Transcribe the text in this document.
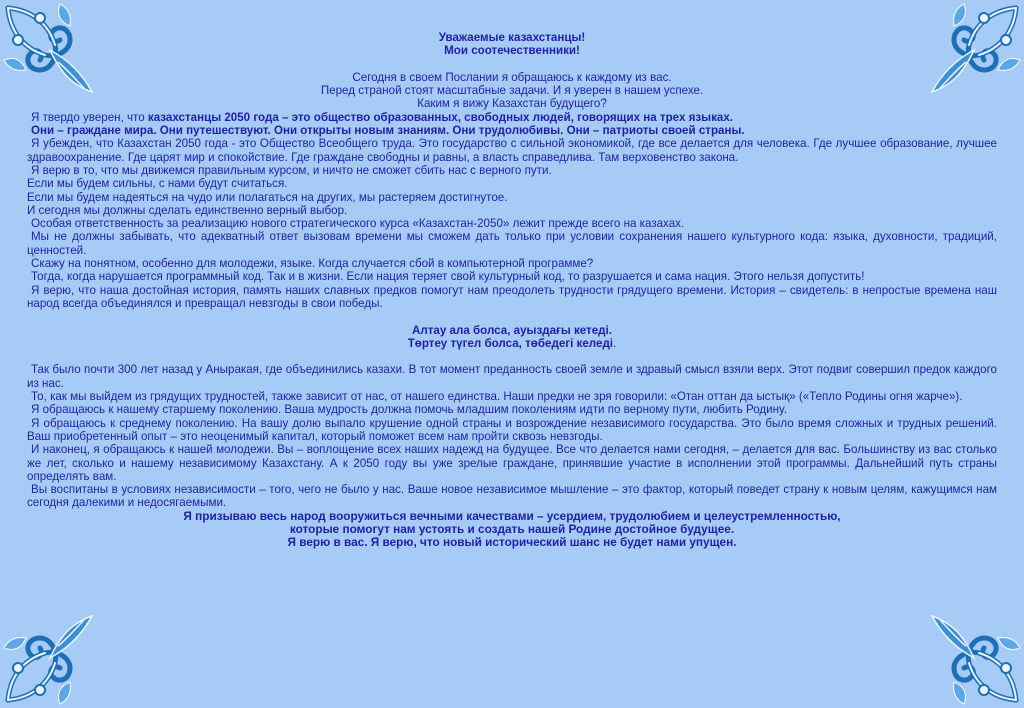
Уважаемые казахстанцы!

Мои соотечественники!

Сегодня в своем Послании я обращаюсь к каждому из вас.

Перед страной стоят масштабные задачи. И я уверен в нашем успехе.

Каким я вижу Казахстан будущего?

Я твердо уверен, что казахстанцы 2050 года – это общество образованных, свободных людей, говорящих на трех языках.

Они – граждане мира. Они путешествуют. Они открыты новым знаниям. Они трудолюбивы. Они – патриоты своей страны.

Я убежден, что Казахстан 2050 года - это Общество Всеобщего труда. Это государство с сильной экономикой, где все делается для человека. Где лучшее образование, лучшее здравоохранение. Где царят мир и спокойствие. Где граждане свободны и равны, а власть справедлива. Там верховенство закона.

Я верю в то, что мы движемся правильным курсом, и ничто не сможет сбить нас с верного пути.

Если мы будем сильны, с нами будут считаться.

Если мы будем надеяться на чудо или полагаться на других, мы растеряем достигнутое.

И сегодня мы должны сделать единственно верный выбор.

Особая ответственность за реализацию нового стратегического курса «Казахстан-2050» лежит прежде всего на казахах.

Мы не должны забывать, что адекватный ответ вызовам времени мы сможем дать только при условии сохранения нашего культурного кода: языка, духовности, традиций, ценностей.

Скажу на понятном, особенно для молодежи, языке. Когда случается сбой в компьютерной программе?

Тогда, когда нарушается программный код. Так и в жизни. Если нация теряет свой культурный код, то разрушается и сама нация. Этого нельзя допустить!

Я верю, что наша достойная история, память наших славных предков помогут нам преодолеть трудности грядущего времени. История – свидетель: в непростые времена наш народ всегда объединялся и превращал невзгоды в свои победы.

Алтау ала болса, ауыздағы кетеді.

Төртеу түгел болса, төбедегі келеді.

Так было почти 300 лет назад у Аныракая, где объединились казахи. В тот момент преданность своей земле и здравый смысл взяли верх. Этот подвиг совершил предок каждого из нас.

То, как мы выйдем из грядущих трудностей, также зависит от нас, от нашего единства. Наши предки не зря говорили: «Отан оттан да ыстық» («Тепло Родины огня жарче»).

Я обращаюсь к нашему старшему поколению. Ваша мудрость должна помочь младшим поколениям идти по верному пути, любить Родину.

Я обращаюсь к среднему поколению. На вашу долю выпало крушение одной страны и возрождение независимого государства. Это было время сложных и трудных решений. Ваш приобретенный опыт – это неоценимый капитал, который поможет всем нам пройти сквозь невзгоды.

И наконец, я обращаюсь к нашей молодежи. Вы – воплощение всех наших надежд на будущее. Все что делается нами сегодня, – делается для вас. Большинству из вас столько же лет, сколько и нашему независимому Казахстану. А к 2050 году вы уже зрелые граждане, принявшие участие в исполнении этой программы. Дальнейший путь страны определять вам.

Вы воспитаны в условиях независимости – того, чего не было у нас. Ваше новое независимое мышление – это фактор, который поведет страну к новым целям, кажущимся нам сегодня далекими и недосягаемыми.

Я призываю весь народ вооружиться вечными качествами – усердием, трудолюбием и целеустремленностью,

которые помогут нам устоять и создать нашей Родине достойное будущее.

Я верю в вас. Я верю, что новый исторический шанс не будет нами упущен.
